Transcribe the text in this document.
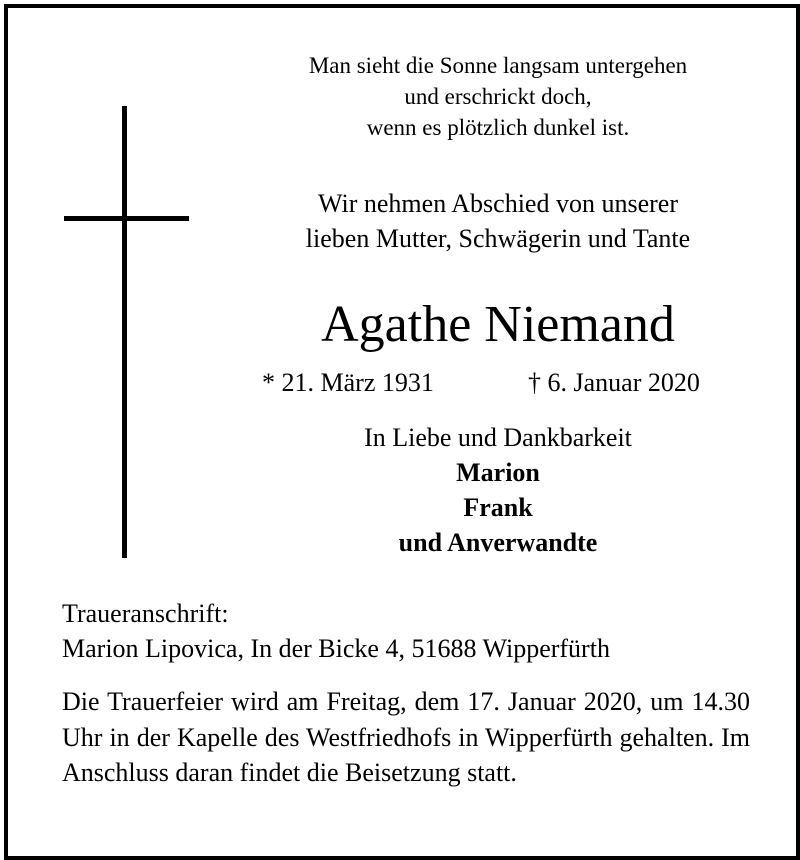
Man sieht die Sonne langsam untergehen
und erschrickt doch,
wenn es plötzlich dunkel ist.
Wir nehmen Abschied von unserer
lieben Mutter, Schwägerin und Tante
Agathe Niemand
* 21. März 1931	† 6. Januar 2020
In Liebe und Dankbarkeit
Marion
Frank
und Anverwandte
Traueranschrift:
Marion Lipovica, In der Bicke 4, 51688 Wipperfürth
Die Trauerfeier wird am Freitag, dem 17. Januar 2020, um 14.30 Uhr in der Kapelle des Westfriedhofs in Wipperfürth gehalten. Im Anschluss daran findet die Beisetzung statt.
